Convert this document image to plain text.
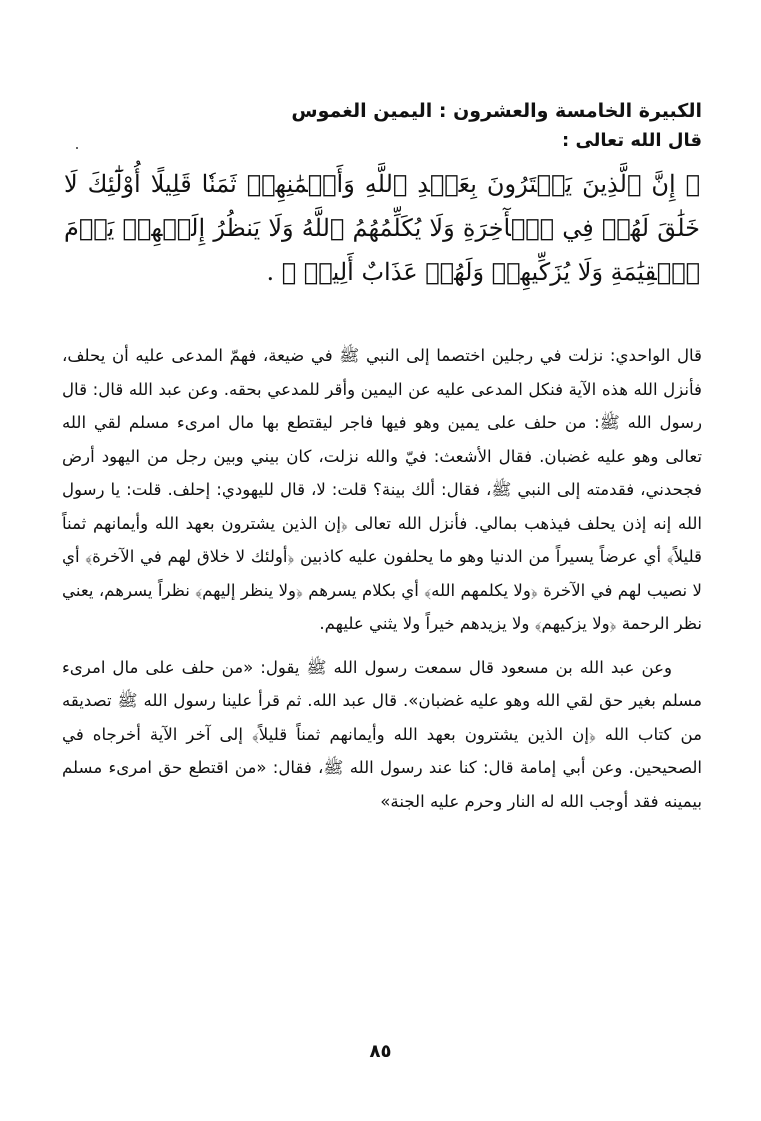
الكبيرة الخامسة والعشرون : اليمين الغموس

قال الله تعالى :

﴿ إِنَّ ٱلَّذِينَ يَشۡتَرُونَ بِعَهۡدِ ٱللَّهِ وَأَيۡمَٰنِهِمۡ ثَمَنٗا قَلِيلًا أُوْلَٰٓئِكَ لَا خَلَٰقَ لَهُمۡ فِي ٱلۡأٓخِرَةِ وَلَا يُكَلِّمُهُمُ ٱللَّهُ وَلَا يَنظُرُ إِلَيۡهِمۡ يَوۡمَ ٱلۡقِيَٰمَةِ وَلَا يُزَكِّيهِمۡ وَلَهُمۡ عَذَابٌ أَلِيمٞ ﴾ .

قال الواحدي: نزلت في رجلين اختصما إلى النبي ﷺ في ضيعة، فهمّ المدعى عليه أن يحلف، فأنزل الله هذه الآية فنكل المدعى عليه عن اليمين وأقر للمدعي بحقه. وعن عبد الله قال: قال رسول الله ﷺ: من حلف على يمين وهو فيها فاجر ليقتطع بها مال امرىء مسلم لقي الله تعالى وهو عليه غضبان. فقال الأشعث: فيّ والله نزلت، كان بيني وبين رجل من اليهود أرض فجحدني، فقدمته إلى النبي ﷺ، فقال: ألك بينة؟ قلت: لا، قال لليهودي: إحلف. قلت: يا رسول الله إنه إذن يحلف فيذهب بمالي. فأنزل الله تعالى ﴿إن الذين يشترون بعهد الله وأيمانهم ثمناً قليلاً﴾ أي عرضاً يسيراً من الدنيا وهو ما يحلفون عليه كاذبين ﴿أولئك لا خلاق لهم في الآخرة﴾ أي لا نصيب لهم في الآخرة ﴿ولا يكلمهم الله﴾ أي بكلام يسرهم ﴿ولا ينظر إليهم﴾ نظراً يسرهم، يعني نظر الرحمة ﴿ولا يزكيهم﴾ ولا يزيدهم خيراً ولا يثني عليهم.

وعن عبد الله بن مسعود قال سمعت رسول الله ﷺ يقول: «من حلف على مال امرىء مسلم بغير حق لقي الله وهو عليه غضبان». قال عبد الله. ثم قرأ علينا رسول الله ﷺ تصديقه من كتاب الله ﴿إن الذين يشترون بعهد الله وأيمانهم ثمناً قليلاً﴾ إلى آخر الآية أخرجاه في الصحيحين. وعن أبي إمامة قال: كنا عند رسول الله ﷺ، فقال: «من اقتطع حق امرىء مسلم بيمينه فقد أوجب الله له النار وحرم عليه الجنة»

٨٥
